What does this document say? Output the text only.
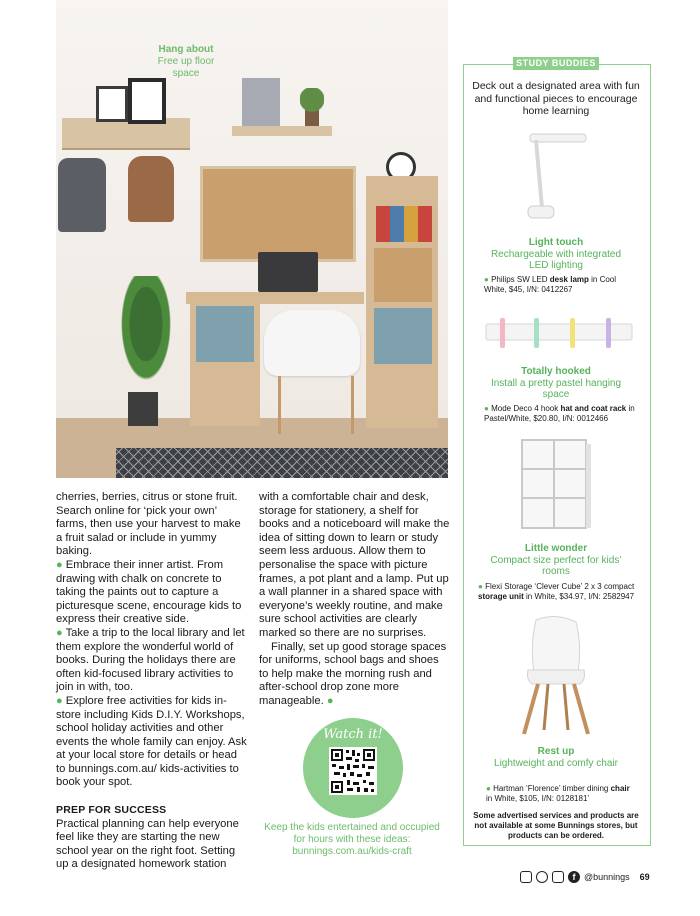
Hang about
Free up floor space
cherries, berries, citrus or stone fruit. Search online for ‘pick your own’ farms, then use your harvest to make a fruit salad or include in yummy baking.
● Embrace their inner artist. From drawing with chalk on concrete to taking the paints out to capture a picturesque scene, encourage kids to express their creative side.
● Take a trip to the local library and let them explore the wonderful world of books. During the holidays there are often kid-focused library activities to join in with, too.
● Explore free activities for kids in-store including Kids D.I.Y. Workshops, school holiday activities and other events the whole family can enjoy. Ask at your local store for details or head to bunnings.com.au/ kids-activities to book your spot.
PREP FOR SUCCESS
Practical planning can help everyone feel like they are starting the new school year on the right foot. Setting up a designated homework station
with a comfortable chair and desk, storage for stationery, a shelf for books and a noticeboard will make the idea of sitting down to learn or study seem less arduous. Allow them to personalise the space with picture frames, a pot plant and a lamp. Put up a wall planner in a shared space with everyone’s weekly routine, and make sure school activities are clearly marked so there are no surprises.
Finally, set up good storage spaces for uniforms, school bags and shoes to help make the morning rush and after-school drop zone more manageable. ●
Watch it!
Keep the kids entertained and occupied for hours with these ideas: bunnings.com.au/kids-craft
STUDY BUDDIES
Deck out a designated area with fun and functional pieces to encourage home learning
Light touch
Rechargeable with integrated LED lighting
● Philips SW LED desk lamp in Cool White, $45, I/N: 0412267
Totally hooked
Install a pretty pastel hanging space
● Mode Deco 4 hook hat and coat rack in Pastel/White, $20.80, I/N: 0012466
Little wonder
Compact size perfect for kids’ rooms
● Flexi Storage ‘Clever Cube’ 2 x 3 compact storage unit in White, $34.97, I/N: 2582947
Rest up
Lightweight and comfy chair
● Hartman ‘Florence’ timber dining chair in White, $105, I/N: 0128181’
Some advertised services and products are not available at some Bunnings stores, but products can be ordered.
f @bunnings 69
